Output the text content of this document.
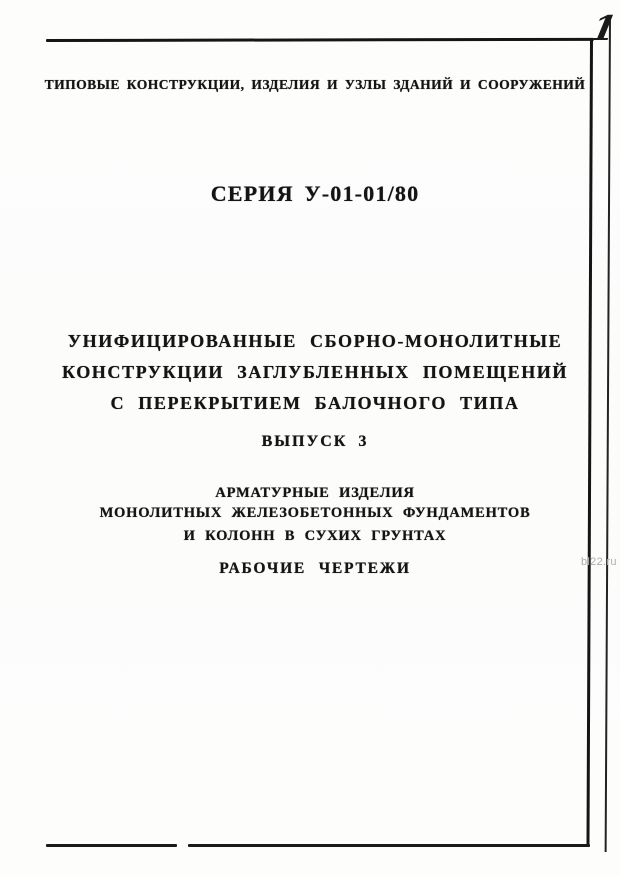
1
bl22.ru
ТИПОВЫЕ КОНСТРУКЦИИ, ИЗДЕЛИЯ И УЗЛЫ ЗДАНИЙ И СООРУЖЕНИЙ
СЕРИЯ У-01-01/80
УНИФИЦИРОВАННЫЕ СБОРНО-МОНОЛИТНЫЕ
КОНСТРУКЦИИ ЗАГЛУБЛЕННЫХ ПОМЕЩЕНИЙ
С ПЕРЕКРЫТИЕМ БАЛОЧНОГО ТИПА
ВЫПУСК 3
АРМАТУРНЫЕ ИЗДЕЛИЯ
МОНОЛИТНЫХ ЖЕЛЕЗОБЕТОННЫХ ФУНДАМЕНТОВ
И КОЛОНН В СУХИХ ГРУНТАХ
РАБОЧИЕ ЧЕРТЕЖИ
